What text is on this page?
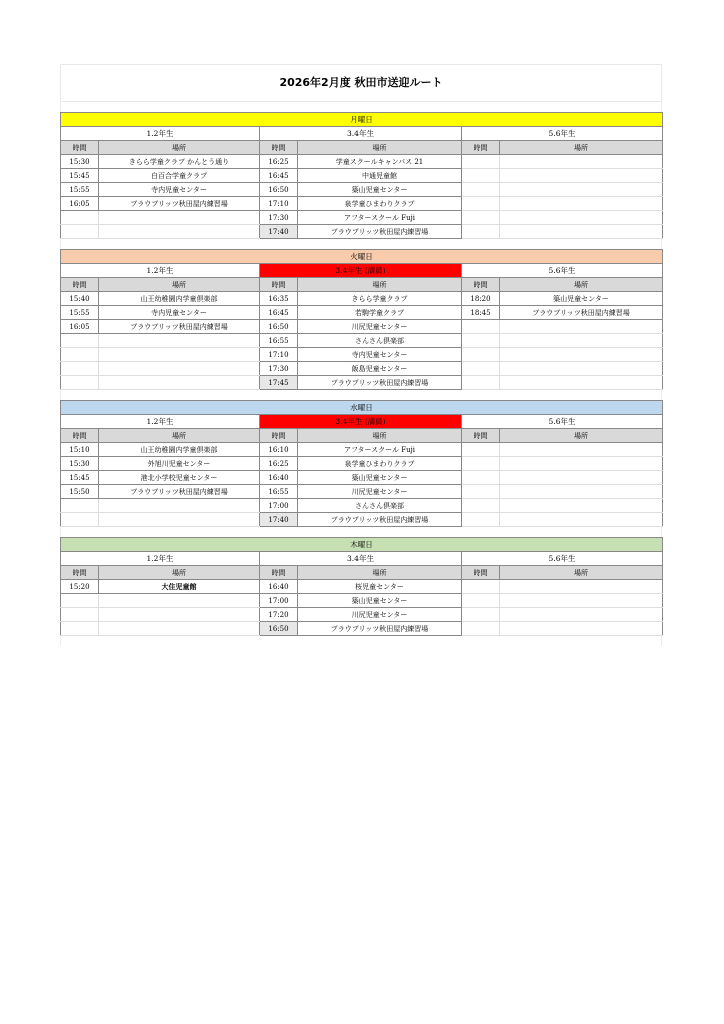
2026年2月度 秋田市送迎ルート
月曜日					
1.2年生		3.4年生		5.6年生	
時間	場所	時間	場所	時間	場所
15:30	きらら学童クラブ かんとう通り	16:25	学童スクールキャンパス 21		
15:45	白百合学童クラブ	16:45	中通児童館		
15:55	寺内児童センター	16:50	築山児童センター		
16:05	ブラウブリッツ秋田屋内練習場	17:10	泉学童ひまわりクラブ		
		17:30	アフタースクール Fuji		
		17:40	ブラウブリッツ秋田屋内練習場		
火曜日					
1.2年生		3.4年生 (満員)		5.6年生	
時間	場所	時間	場所	時間	場所
15:40	山王幼稚園内学童倶楽部	16:35	きらら学童クラブ	18:20	築山児童センター
15:55	寺内児童センター	16:45	若駒学童クラブ	18:45	ブラウブリッツ秋田屋内練習場
16:05	ブラウブリッツ秋田屋内練習場	16:50	川尻児童センター		
		16:55	さんさん倶楽部		
		17:10	寺内児童センター		
		17:30	飯島児童センター		
		17:45	ブラウブリッツ秋田屋内練習場		
水曜日					
1.2年生		3.4年生 (満員)		5.6年生	
時間	場所	時間	場所	時間	場所
15:10	山王幼稚園内学童倶楽部	16:10	アフタースクール Fuji		
15:30	外旭川児童センター	16:25	泉学童ひまわりクラブ		
15:45	港北小学校児童センター	16:40	築山児童センター		
15:50	ブラウブリッツ秋田屋内練習場	16:55	川尻児童センター		
		17:00	さんさん倶楽部		
		17:40	ブラウブリッツ秋田屋内練習場		
木曜日					
1.2年生		3.4年生		5.6年生	
時間	場所	時間	場所	時間	場所
15:20	大住児童館	16:40	桜児童センター		
		17:00	築山児童センター		
		17:20	川尻児童センター		
		16:50	ブラウブリッツ秋田屋内練習場		
